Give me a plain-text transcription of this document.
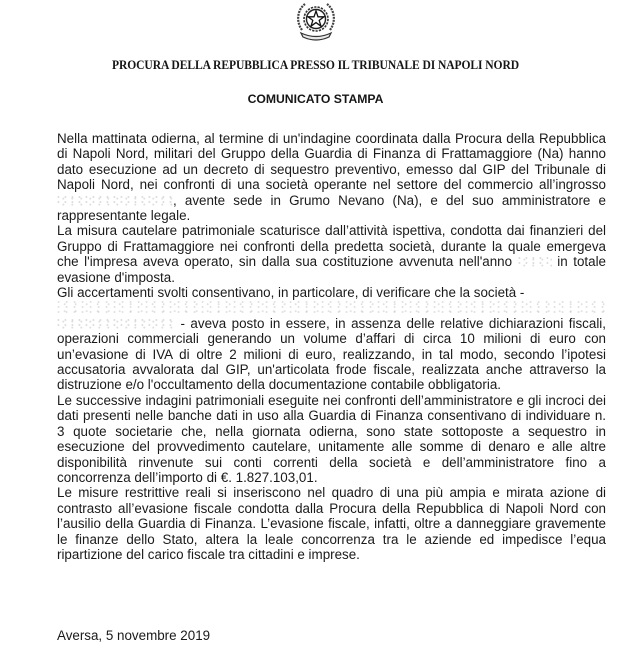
PROCURA DELLA REPUBBLICA PRESSO IL TRIBUNALE DI NAPOLI NORD
COMUNICATO STAMPA

Nella mattinata odierna, al termine di un'indagine coordinata dalla Procura della Repubblica di Napoli Nord, militari del Gruppo della Guardia di Finanza di Frattamaggiore (Na) hanno dato esecuzione ad un decreto di sequestro preventivo, emesso dal GIP del Tribunale di Napoli Nord, nei confronti di una società operante nel settore del commercio all’ingrosso , avente sede in Grumo Nevano (Na), e del suo amministratore e rappresentante legale.

La misura cautelare patrimoniale scaturisce dall’attività ispettiva, condotta dai finanzieri del Gruppo di Frattamaggiore nei confronti della predetta società, durante la quale emergeva che l'impresa aveva operato, sin dalla sua costituzione avvenuta nell'anno	in totale evasione d'imposta.

Gli accertamenti svolti consentivano, in particolare, di verificare che la società -
- aveva posto in essere, in assenza delle relative dichiarazioni fiscali, operazioni commerciali generando un volume d’affari di circa 10 milioni di euro con un’evasione di IVA di oltre 2 milioni di euro, realizzando, in tal modo, secondo l’ipotesi accusatoria avvalorata dal GIP, un'articolata frode fiscale, realizzata anche attraverso la distruzione e/o l'occultamento della documentazione contabile obbligatoria.

Le successive indagini patrimoniali eseguite nei confronti dell’amministratore e gli incroci dei dati presenti nelle banche dati in uso alla Guardia di Finanza consentivano di individuare n. 3 quote societarie che, nella giornata odierna, sono state sottoposte a sequestro in esecuzione del provvedimento cautelare, unitamente alle somme di denaro e alle altre disponibilità rinvenute sui conti correnti della società e dell’amministratore fino a concorrenza dell’importo di €. 1.827.103,01.

Le misure restrittive reali si inseriscono nel quadro di una più ampia e mirata azione di contrasto all’evasione fiscale condotta dalla Procura della Repubblica di Napoli Nord con l’ausilio della Guardia di Finanza. L’evasione fiscale, infatti, oltre a danneggiare gravemente le finanze dello Stato, altera la leale concorrenza tra le aziende ed impedisce l’equa ripartizione del carico fiscale tra cittadini e imprese.

Aversa, 5 novembre 2019
